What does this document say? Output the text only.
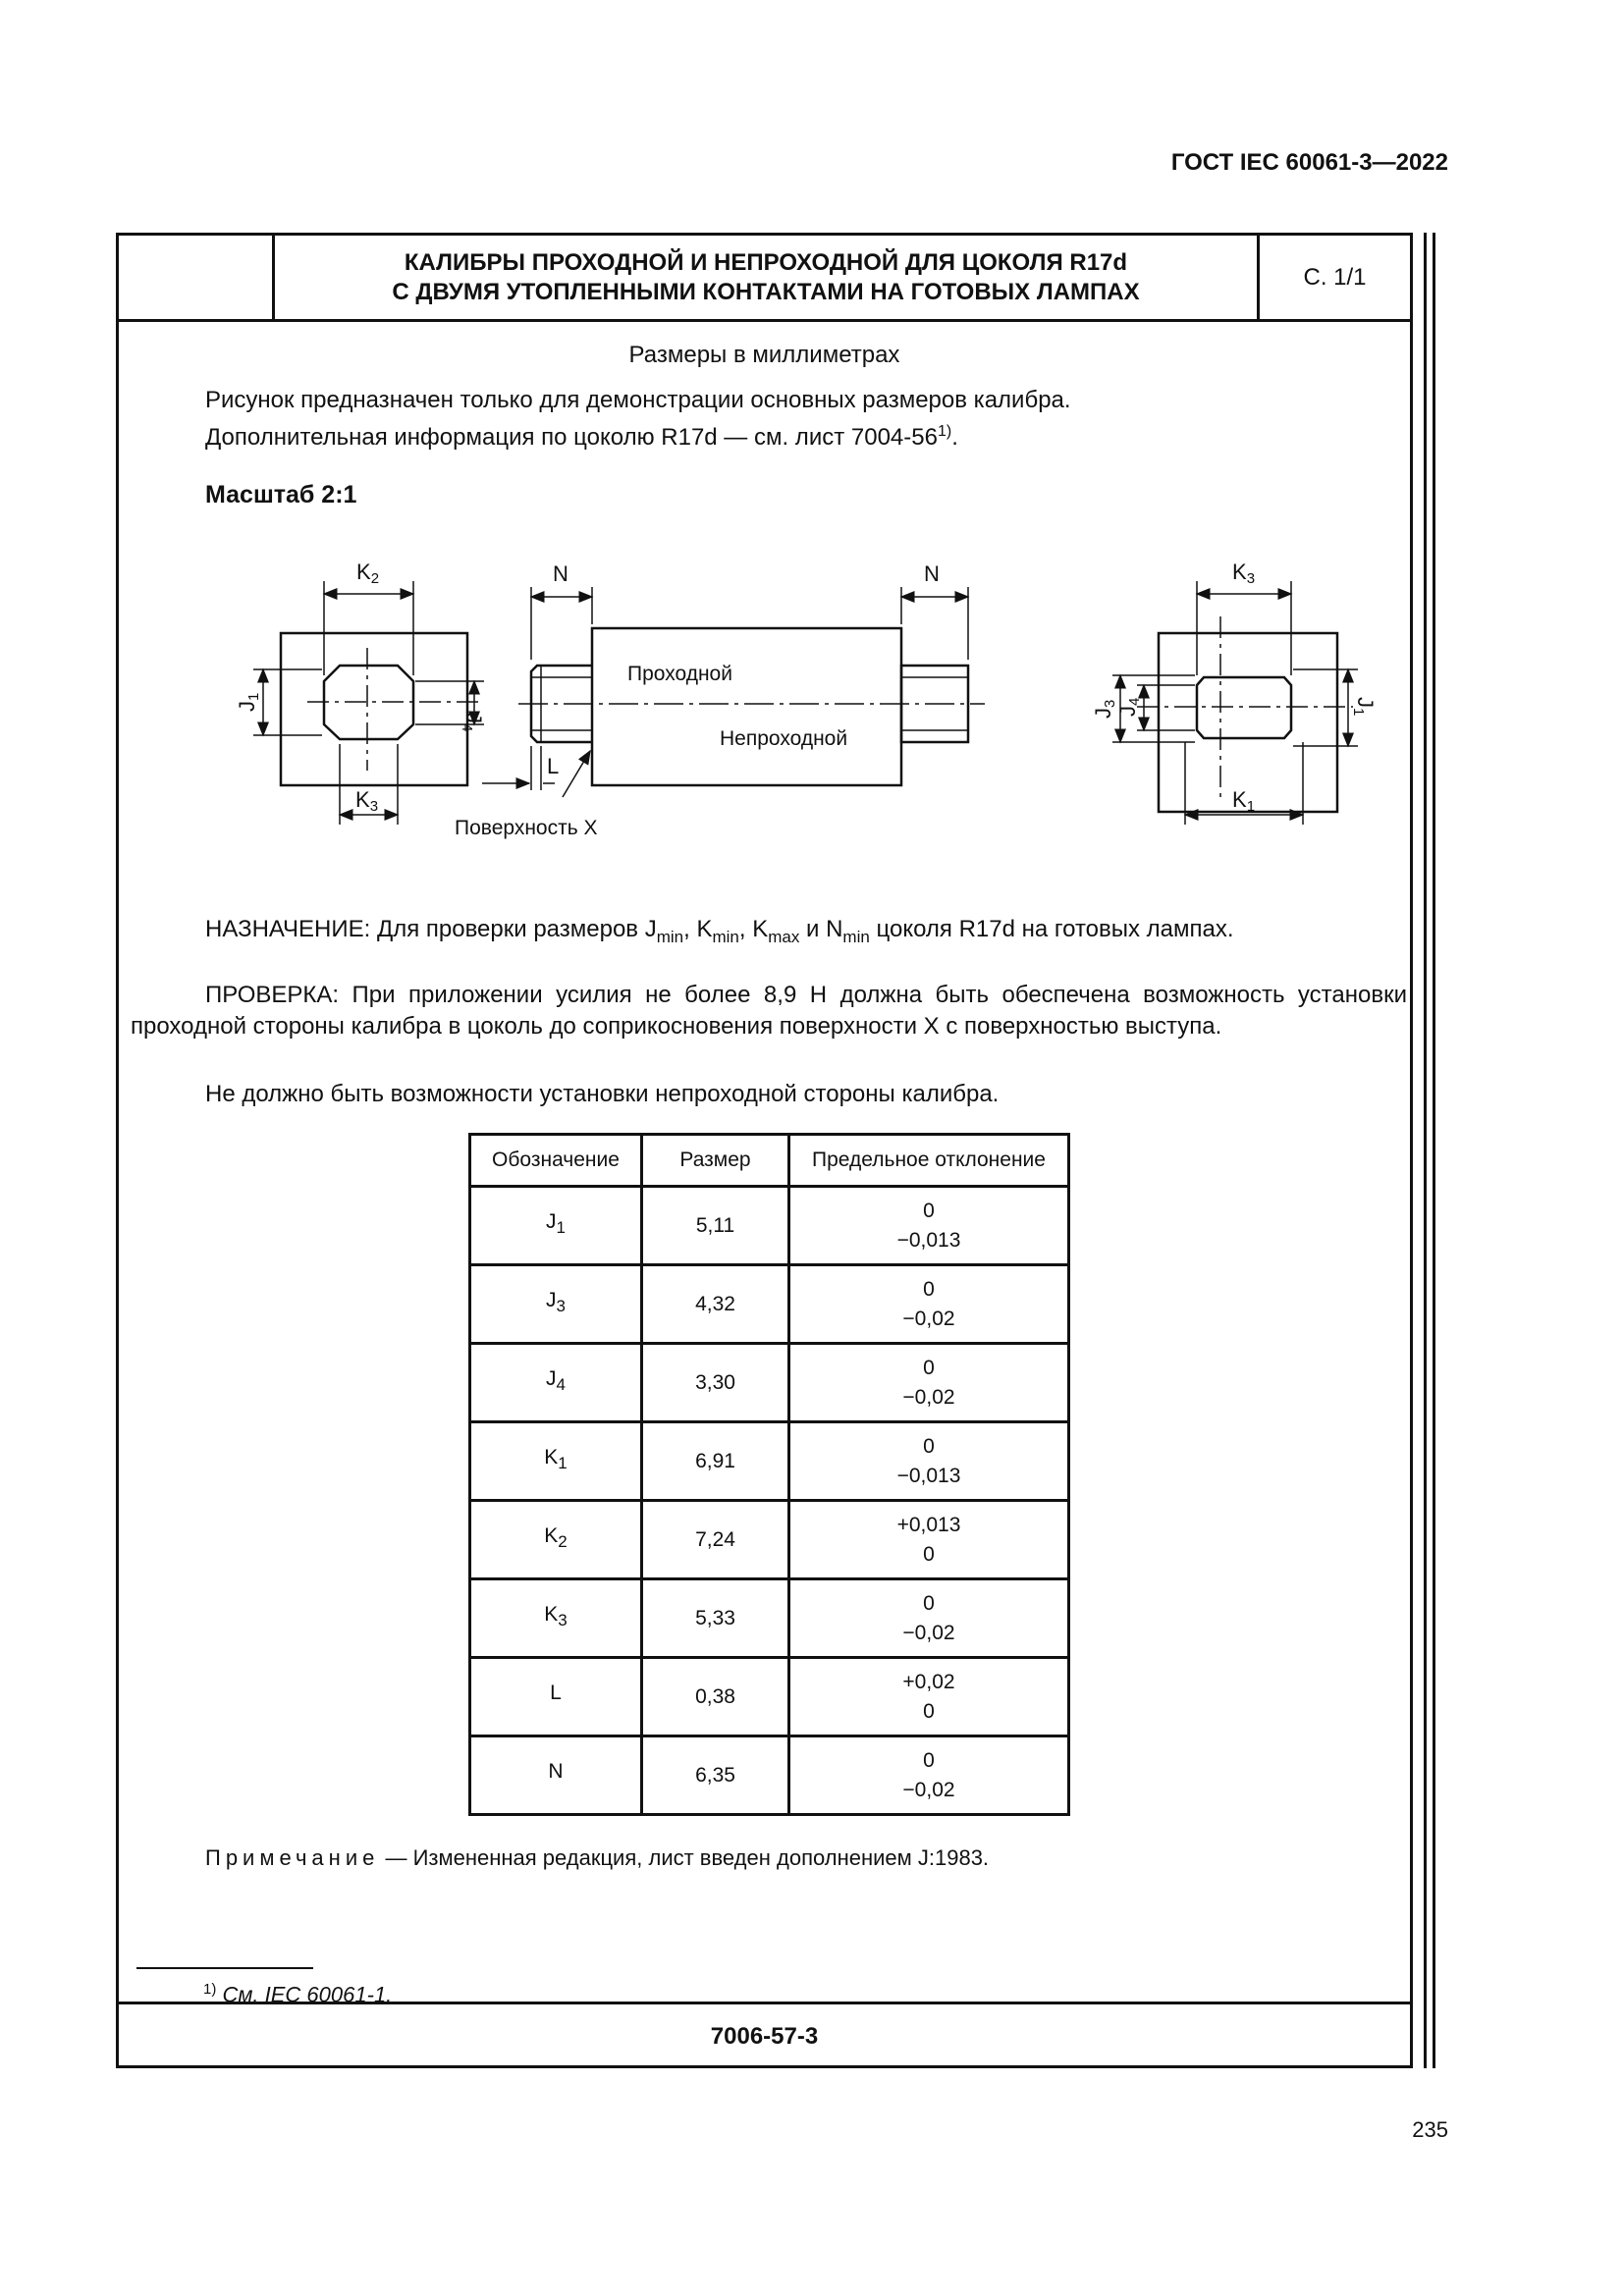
ГОСТ IEC 60061-3—2022
КАЛИБРЫ ПРОХОДНОЙ И НЕПРОХОДНОЙ ДЛЯ ЦОКОЛЯ R17d
С ДВУМЯ УТОПЛЕННЫМИ КОНТАКТАМИ НА ГОТОВЫХ ЛАМПАХ
С. 1/1
Размеры в миллиметрах
Рисунок предназначен только для демонстрации основных размеров калибра.
Дополнительная информация по цоколю R17d — см. лист 7004-56$^{1)}$.
Масштаб 2:1
K2
K3
J1
J4
N	N
L
Проходной
Непроходной
Поверхность X
K3
K1
J3
J4	J1
НАЗНАЧЕНИЕ: Для проверки размеров $J_{min}$, $K_{min}$, $K_{max}$ и $N_{min}$ цоколя R17d на готовых лампах.
ПРОВЕРКА: При приложении усилия не более 8,9 Н должна быть обеспечена возможность установки проходной стороны калибра в цоколь до соприкосновения поверхности X с поверхностью выступа.
Не должно быть возможности установки непроходной стороны калибра.
Обозначение	Размер	Предельное отклонение
$J_1$	5,11	0
−0,013

$J_3$	4,32	0
−0,02

$J_4$	3,30	0
−0,02

$K_1$	6,91	0
−0,013

$K_2$	7,24	+0,013
0

$K_3$	5,33	0
−0,02

L	0,38	+0,02
0

N	6,35	0
−0,02
Примечание — Измененная редакция, лист введен дополнением J:1983.
$^{1)}$ См. IEC 60061-1.
7006-57-3
235
